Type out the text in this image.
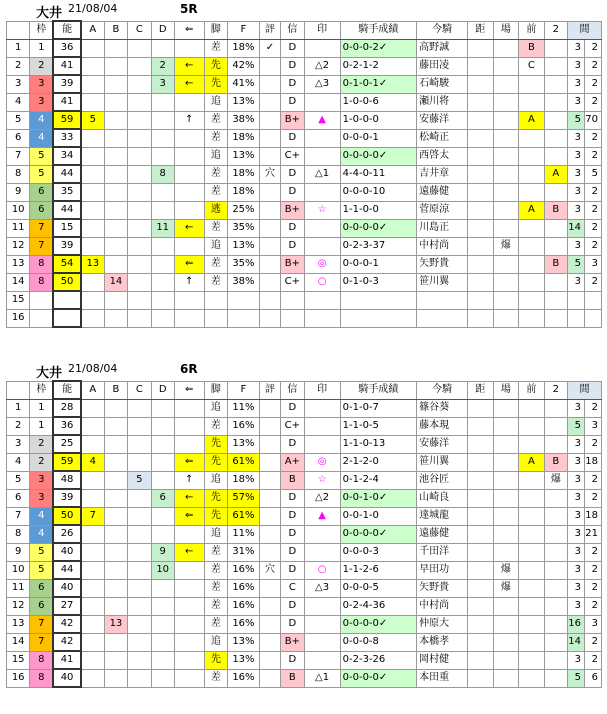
大井 21/08/04	5R
	枠	能	A	B	C	D	⇐	脚	F	評	信	印	騎手成績	今騎	距	場	前	2	間	
1	1	36						差	18%	✓	D		0-0-0-2✓	高野誠			B		3	2
2	2	41				2	←	先	42%		D	△2	0-2-1-2	藤田凌			C		3	2
3	3	39				3	←	先	41%		D	△3	0-1-0-1✓	石崎駿					3	2
4	3	41						追	13%		D		1-0-0-6	瀬川将					3	2
5	4	59	5				↑	差	38%		B+	▲	1-0-0-0	安藤洋			A		5	70
6	4	33						差	18%		D		0-0-0-1	松崎正					3	2
7	5	34						追	13%		C+		0-0-0-0✓	西啓太					3	2
8	5	44				8		差	18%	穴	D	△1	4-4-0-11	吉井章				A	3	5
9	6	35						差	18%		D		0-0-0-10	遠藤健					3	2
10	6	44						逃	25%		B+	☆	1-1-0-0	菅原涼			A	B	3	2
11	7	15				11	←	差	35%		D		0-0-0-0✓	川島正					14	2
12	7	39						追	13%		D		0-2-3-37	中村尚		爆			3	2
13	8	54	13				⇐	差	35%		B+	◎	0-0-0-1	矢野貴				B	5	3
14	8	50		14			↑	差	38%		C+	○	0-1-0-3	笹川翼					3	2
15																				
16																				
大井 21/08/04	6R
	枠	能	A	B	C	D	⇐	脚	F	評	信	印	騎手成績	今騎	距	場	前	2	間	
1	1	28						追	11%		D		0-1-0-7	篠谷葵					3	2
2	1	36						差	16%		C+		1-1-0-5	藤本現					5	3
3	2	25						先	13%		D		1-1-0-13	安藤洋					3	2
4	2	59	4				⇐	先	61%		A+	◎	2-1-2-0	笹川翼			A	B	3	18
5	3	48			5		↑	追	18%		B	☆	0-1-2-4	池谷匠				爆	3	2
6	3	39				6	←	先	57%		D	△2	0-0-1-0✓	山崎良					3	2
7	4	50	7				⇐	先	61%		D	▲	0-0-1-0	達城龍					3	18
8	4	26						追	11%		D		0-0-0-0✓	遠藤健					3	21
9	5	40				9	←	差	31%		D		0-0-0-3	千田洋					3	2
10	5	44				10		差	16%	穴	D	○	1-1-2-6	早田功		爆			3	2
11	6	40						差	16%		C	△3	0-0-0-5	矢野貴		爆			3	2
12	6	27						差	16%		D		0-2-4-36	中村尚					3	2
13	7	42		13				差	16%		D		0-0-0-0✓	仲原大					16	3
14	7	42						追	13%		B+		0-0-0-8	本橋孝					14	2
15	8	41						先	13%		D		0-2-3-26	岡村健					3	2
16	8	40						差	16%		B	△1	0-0-0-0✓	本田重					5	6
